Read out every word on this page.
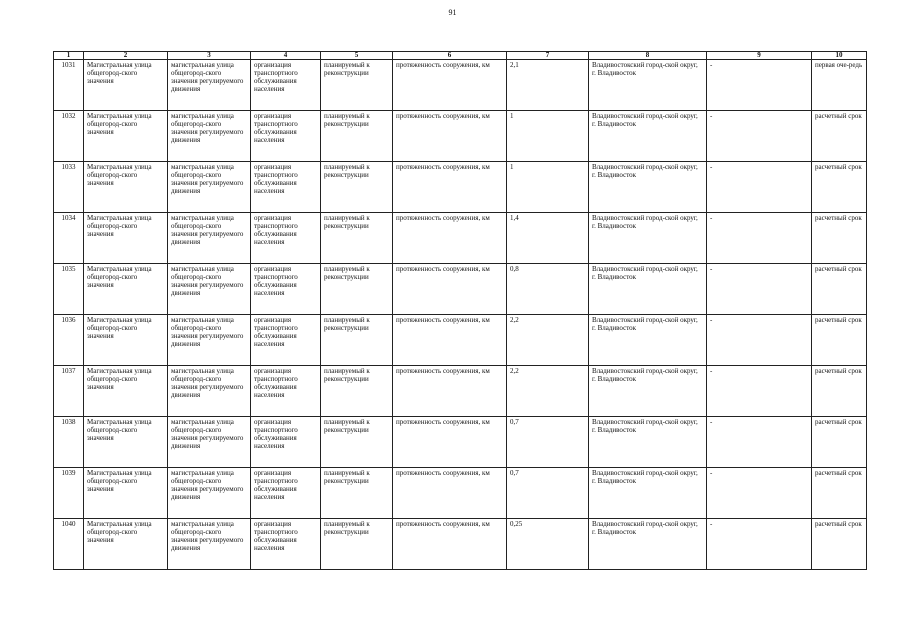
91
1	2	3	4	5	6	7	8	9	10
1031	Магистральная улица общегород-ского значения	магистральная улица общегород-ского значения регулируемого движения	организация транспортного обслуживания населения	планируемый к реконструкции	протяженность сооружения, км	2,1	Владивостокский город-ской округ, г. Владивосток	-	первая оче-редь
1032	Магистральная улица общегород-ского значения	магистральная улица общегород-ского значения регулируемого движения	организация транспортного обслуживания населения	планируемый к реконструкции	протяженность сооружения, км	1	Владивостокский город-ской округ, г. Владивосток	-	расчетный срок
1033	Магистральная улица общегород-ского значения	магистральная улица общегород-ского значения регулируемого движения	организация транспортного обслуживания населения	планируемый к реконструкции	протяженность сооружения, км	1	Владивостокский город-ской округ, г. Владивосток	-	расчетный срок
1034	Магистральная улица общегород-ского значения	магистральная улица общегород-ского значения регулируемого движения	организация транспортного обслуживания населения	планируемый к реконструкции	протяженность сооружения, км	1,4	Владивостокский город-ской округ, г. Владивосток	-	расчетный срок
1035	Магистральная улица общегород-ского значения	магистральная улица общегород-ского значения регулируемого движения	организация транспортного обслуживания населения	планируемый к реконструкции	протяженность сооружения, км	0,8	Владивостокский город-ской округ, г. Владивосток	-	расчетный срок
1036	Магистральная улица общегород-ского значения	магистральная улица общегород-ского значения регулируемого движения	организация транспортного обслуживания населения	планируемый к реконструкции	протяженность сооружения, км	2,2	Владивостокский город-ской округ, г. Владивосток	-	расчетный срок
1037	Магистральная улица общегород-ского значения	магистральная улица общегород-ского значения регулируемого движения	организация транспортного обслуживания населения	планируемый к реконструкции	протяженность сооружения, км	2,2	Владивостокский город-ской округ, г. Владивосток	-	расчетный срок
1038	Магистральная улица общегород-ского значения	магистральная улица общегород-ского значения регулируемого движения	организация транспортного обслуживания населения	планируемый к реконструкции	протяженность сооружения, км	0,7	Владивостокский город-ской округ, г. Владивосток	-	расчетный срок
1039	Магистральная улица общегород-ского значения	магистральная улица общегород-ского значения регулируемого движения	организация транспортного обслуживания населения	планируемый к реконструкции	протяженность сооружения, км	0,7	Владивостокский город-ской округ, г. Владивосток	-	расчетный срок
1040	Магистральная улица общегород-ского значения	магистральная улица общегород-ского значения регулируемого движения	организация транспортного обслуживания населения	планируемый к реконструкции	протяженность сооружения, км	0,25	Владивостокский город-ской округ, г. Владивосток	-	расчетный срок
